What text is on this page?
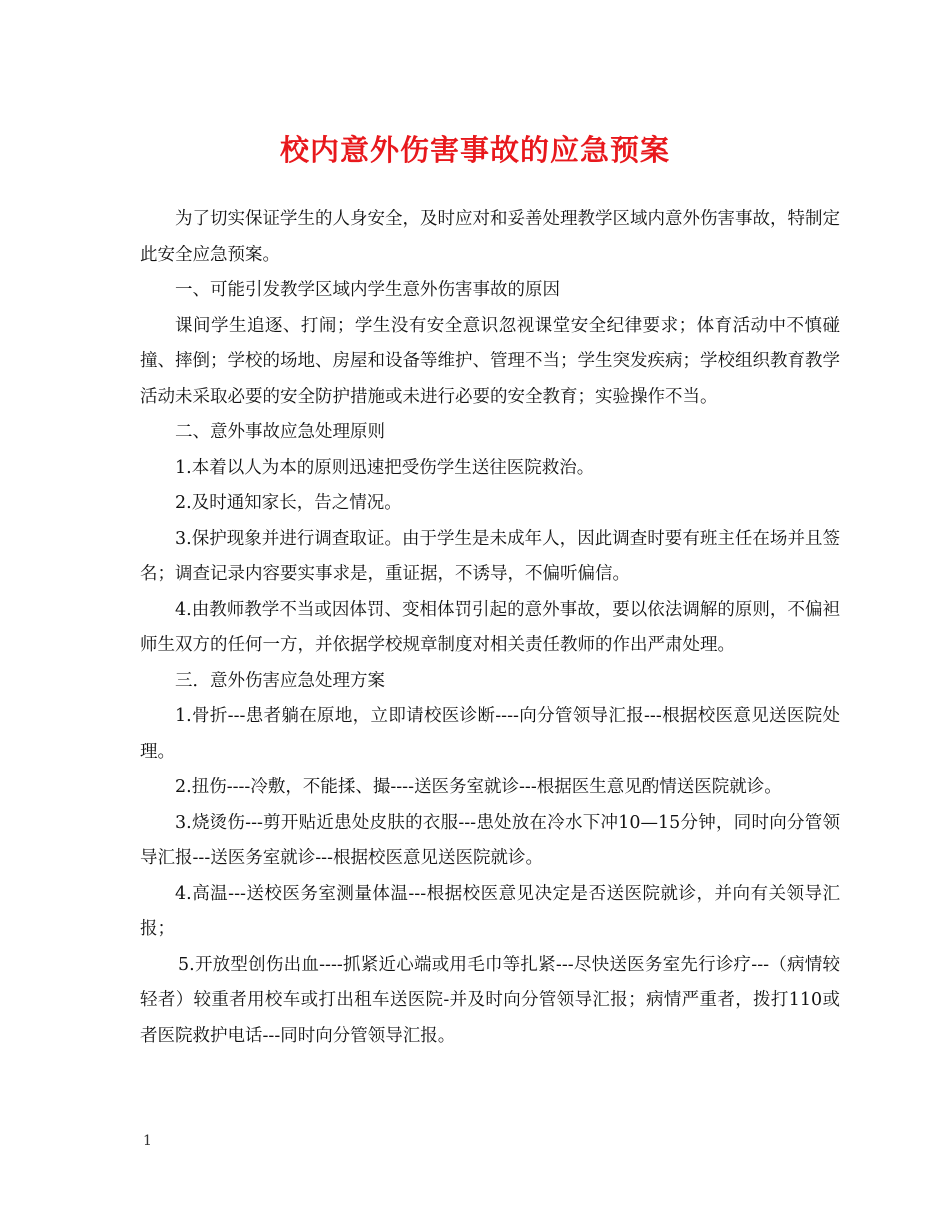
校内意外伤害事故的应急预案

为了切实保证学生的人身安全，及时应对和妥善处理教学区域内意外伤害事故，特制定此安全应急预案。

一、可能引发教学区域内学生意外伤害事故的原因

课间学生追逐、打闹；学生没有安全意识忽视课堂安全纪律要求；体育活动中不慎碰撞、摔倒；学校的场地、房屋和设备等维护、管理不当；学生突发疾病；学校组织教育教学活动未采取必要的安全防护措施或未进行必要的安全教育；实验操作不当。

二、意外事故应急处理原则

1.本着以人为本的原则迅速把受伤学生送往医院救治。

2.及时通知家长，告之情况。

3.保护现象并进行调查取证。由于学生是未成年人，因此调查时要有班主任在场并且签名；调查记录内容要实事求是，重证据，不诱导，不偏听偏信。

4.由教师教学不当或因体罚、变相体罚引起的意外事故，要以依法调解的原则，不偏袒师生双方的任何一方，并依据学校规章制度对相关责任教师的作出严肃处理。

三．意外伤害应急处理方案

1.骨折---患者躺在原地，立即请校医诊断----向分管领导汇报---根据校医意见送医院处理。

2.扭伤----冷敷，不能揉、撮----送医务室就诊---根据医生意见酌情送医院就诊。

3.烧烫伤---剪开贴近患处皮肤的衣服---患处放在冷水下冲10—15分钟，同时向分管领导汇报---送医务室就诊---根据校医意见送医院就诊。

4.高温---送校医务室测量体温---根据校医意见决定是否送医院就诊，并向有关领导汇报；

5.开放型创伤出血----抓紧近心端或用毛巾等扎紧---尽快送医务室先行诊疗---（病情较轻者）较重者用校车或打出租车送医院-并及时向分管领导汇报；病情严重者，拨打110或者医院救护电话---同时向分管领导汇报。

1
